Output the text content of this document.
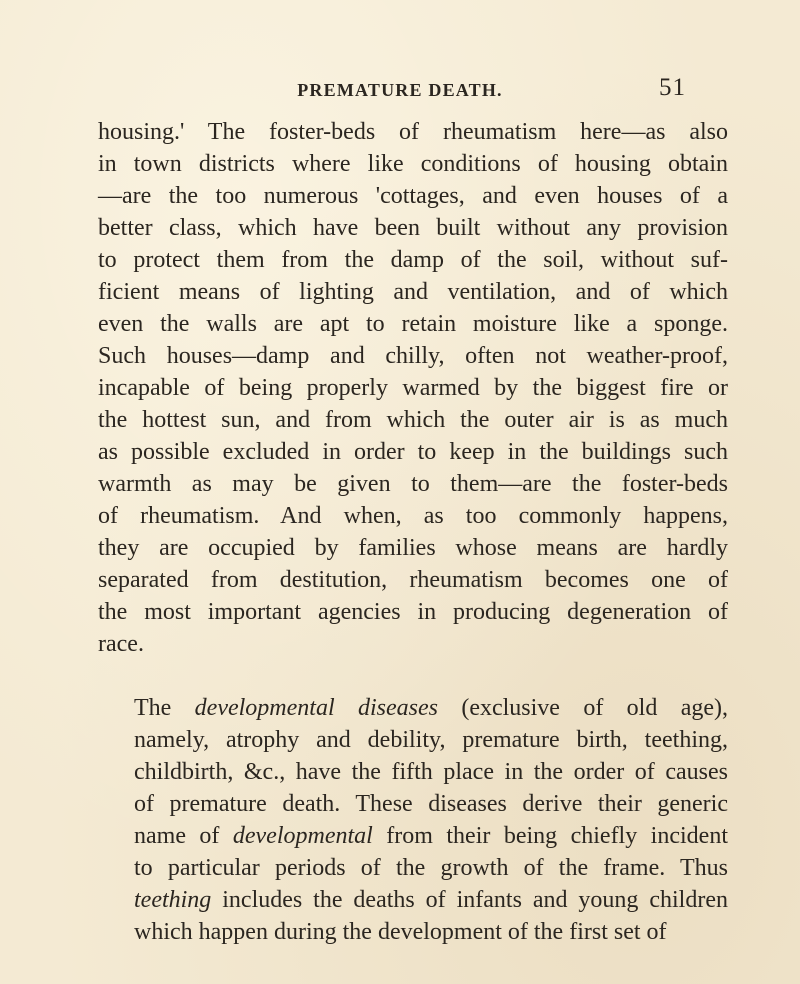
PREMATURE DEATH.	51

housing.' The foster-beds of rheumatism here—as also
in town districts where like conditions of housing obtain
—are the too numerous 'cottages, and even houses of a
better class, which have been built without any provision
to protect them from the damp of the soil, without suf-
ficient means of lighting and ventilation, and of which
even the walls are apt to retain moisture like a sponge.
Such houses—damp and chilly, often not weather-proof,
incapable of being properly warmed by the biggest fire or
the hottest sun, and from which the outer air is as much
as possible excluded in order to keep in the buildings such
warmth as may be given to them—are the foster-beds
of rheumatism. And when, as too commonly happens,
they are occupied by families whose means are hardly
separated from destitution, rheumatism becomes one of
the most important agencies in producing degeneration of
race.

The developmental diseases (exclusive of old age),
namely, atrophy and debility, premature birth, teething,
childbirth, &c., have the fifth place in the order of causes
of premature death. These diseases derive their generic
name of developmental from their being chiefly incident
to particular periods of the growth of the frame. Thus
teething includes the deaths of infants and young children
which happen during the development of the first set of
